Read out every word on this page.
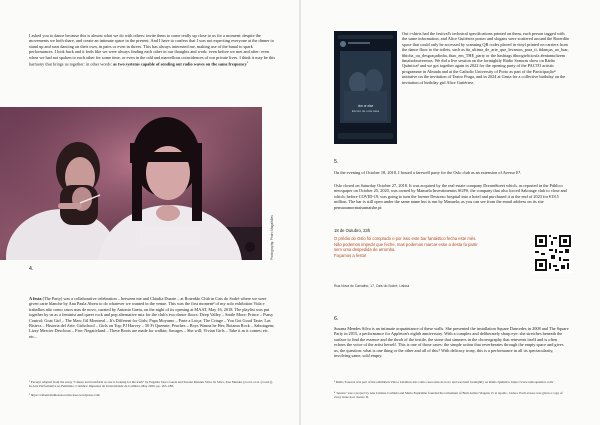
I asked you to dance because this is almost what we do with others: invite them to come really up close to us for a moment: despite the movements we both share, and create an intimate space in the present. And I have to confess that I was not expecting everyone at the dinner to stand up and start dancing on their own, in pairs or even in threes. This has always interested me, making use of the banal to spark performances. I look back and it feels like we were always finding each other in our thoughts and work: even before we met and after: even when we had not spoken to each other for some time, or even in the odd and marvellous coincidences of our private lives. I think it may be this harmony that brings us together: in other words: as two systems capable of sending out radio waves on the same frequency$^1$

Photography: Pedro Magalhães
4.

A festa (The Party) was a collaborative celebration – between me and Cláudia Duarte – at Roterdão Club in Cais do Sodré where we were given carte blanche by Ana Paula Abreu to do whatever we wanted in the venue. This was the first moment² of my solo exhibition Vida e trabalhos não como casos mas de novo, curated by Antonia Gaeta, on the night of its opening at MAAT, May 16, 2018. The playlist was put together by us as a feminist and queer rock and pop alternative mix for the club's two dance floors: Deep Valley – Smile More; Prince – Pussy Control; Goat Girl – The Man; Gil Montreal – It's Different for Girls; Papa Moyamo – Parte a Loiça; The Cringe – You Got Good Taste; Las Bistecs – Historia del Arte; Girlschool – Girls on Top; PJ Harvey – 50 Ft Queenie; Peaches – Boys Wanna be Her; Boiama Rock – Sabotagem; Lizzy Mercier Descloux – Fire; Negativland – These Boots are made for walkin; Savages – She will; Vivian Girls – Take it as it comes; etc. etc...

¹ Excerpt adapted from the essay "I dance and transform as one is looking for the truth" by Eugénia Vasco Gaeta and Susana Mendes Silva. In Silva, Jose Mendes (coord. et al. (coord.)). In Arte Performativa no Feminino. Coimbra: Imprensa da Universidade de Coimbra, May 2020, pp. 163–188.

² https://vidaetrabalhosnaocomocasos.wordpress.com/

rice or else
Escuro de uma casa

Out t-shirts had the festival's technical specifications printed on them, each person tagged with the same information, and Alice Gutiérrez poster and slogans were scattered around the Roterdão space that could only be accessed by scanning QR codes placed in vinyl printed on carriers from the dance floor to the toilets, such as #a_ultima_de_arte_que_levamos_para_ti, #danças_ao_luar, #bicha_ou_desgraçadinha, #tao_em_THE_party or the hashtags #boogieliciosfa #entantofizem #maisobravermos. We did a live session on the fortnightly Rádio Sonoras show on Rádio Quântica³ and we got together again in 2022 for the opening party of the PACTO artistic programme in Almada and at the Catholic University of Porto as part of the Participação⁴ initiative on the invitation of Teatro Praga, and in 2024 at Gruta for a collective birthday on the invitation of birthday girl Alice Gutiérrez.

5.

On the evening of October 18, 2018, I hosted a farewell party for the Oslo club as an extension of Avesso E⁵.

Oslo closed on Saturday October 27, 2018. It was acquired by the real estate company DreamStreet which, as reported in the Público newspaper on October 25, 2020, was owned by Manuela Investimentos SGPS, the company that also forced Sabotage club to close and which, before COVID-19, was going to turn the former Destrezo hospital into a hotel and purchased it at the end of 2023 for €18.5 million. The bar is still open under the same name but is run by Manuela; as you can see from the email address on its site pensaoamormaisumaisbe.pt

18 de Outubro, 23h
O prédio do Oslo foi comprado e por isso este bar fantástico fecha este mês.
Não podemos impedir que feche, mas podemos marcar esse a desta fa partir sem uma despedida de arromba.
Façamos a festa!
Rua Nova do Carvalho, 17, Cais do Sodré, Lisboa
6.

Susana Mendes Silva is an intimate acquaintance of these walls. She presented the installation Square Dancedes in 2008 and The Square Party in 2015, a performance for Appleton's eighth anniversary. With a complex and deliberately sharp eye: she stretches beneath the surface to find the essence and the throb of the textile, the stone that simmers in the choreography that reinvents itself and is often echoes the voice of the artist herself. This is one of those cases: the simple action that reverberates through the empty space and gives us, the question: what is one thing or the other and all of this? With delicacy irony, this is a performance in all its spectacularity, involving same, sold empty.

³ Rádio Sonoras was part of the exhibition Vida e trabalhos não como casos mas de novo and was held fortnightly on Rádio Quântica. https://www.radioquantica.com/

⁴ 'Avesso' was a project by Ana Cristina Carlinda and Marta Espiridião founded the retirement of Bom Artista Viagens 15 et Apollo, Lisboa. Each avesso was given a copy of every issue now avesso D.
